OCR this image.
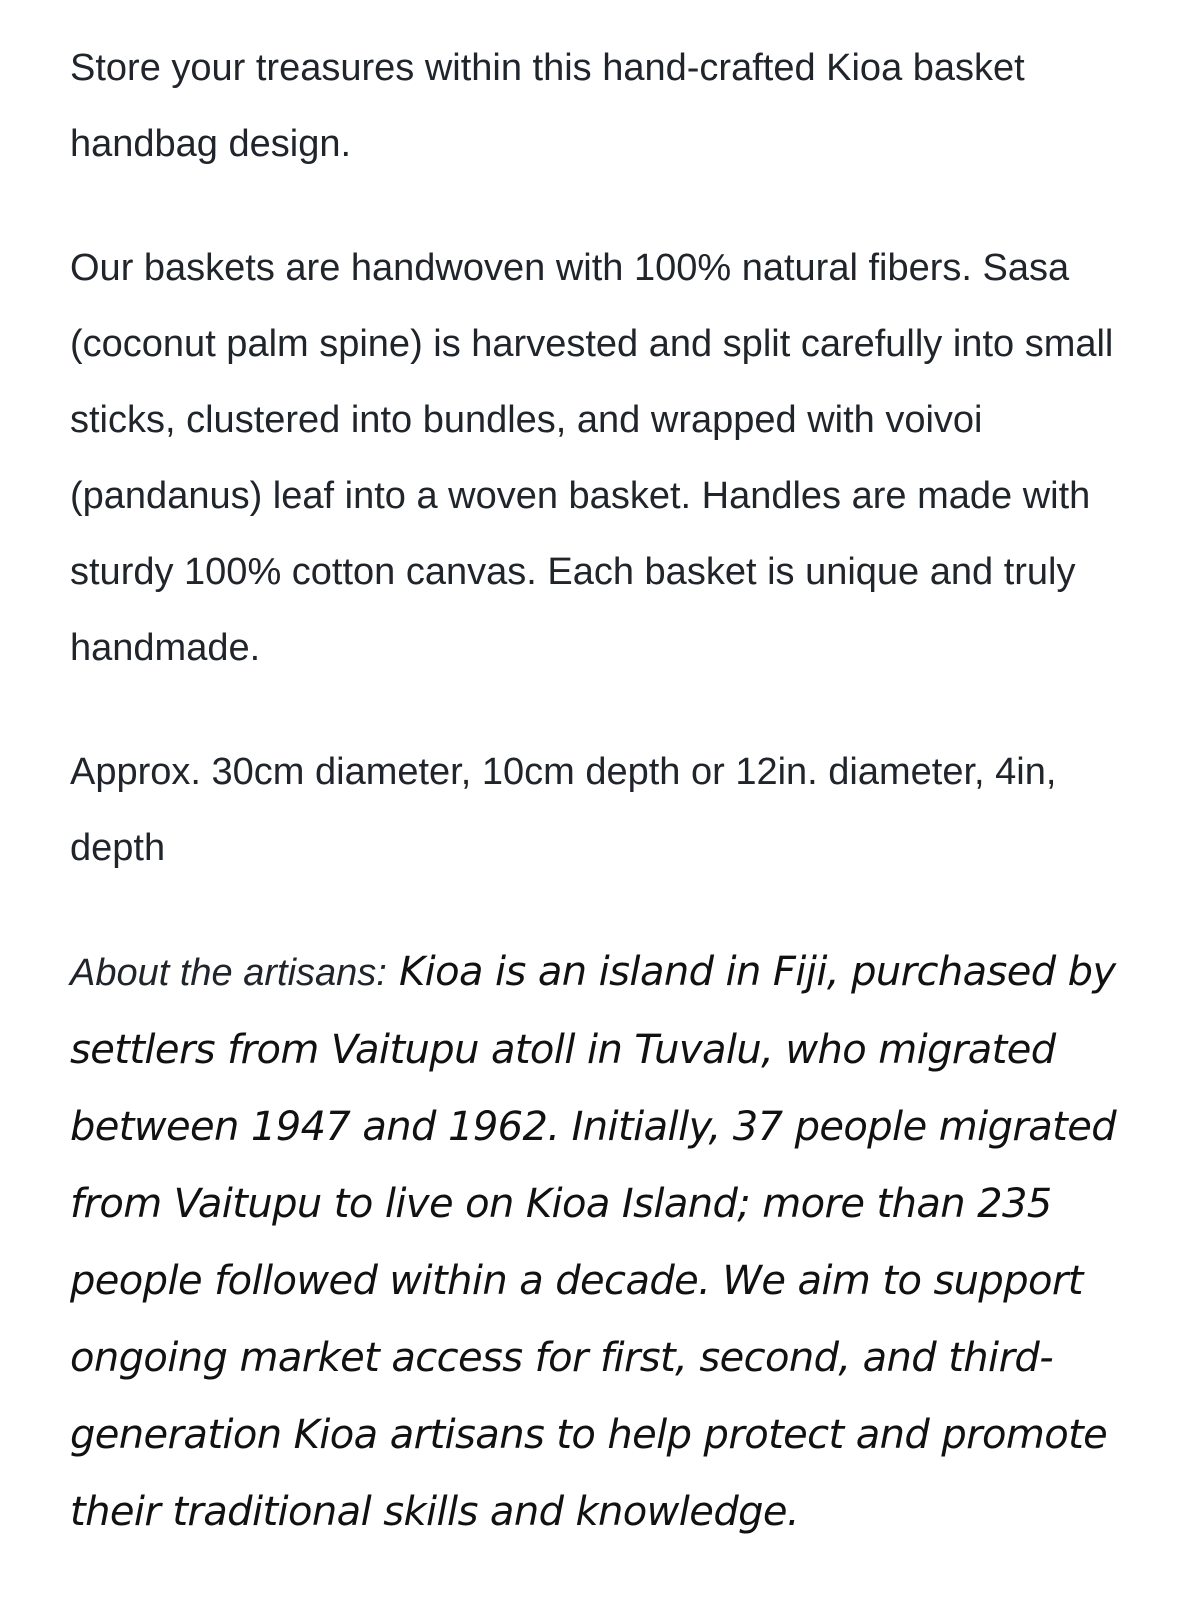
Store your treasures within this hand-crafted Kioa basket handbag design.

Our baskets are handwoven with 100% natural fibers. Sasa (coconut palm spine) is harvested and split carefully into small sticks, clustered into bundles, and wrapped with voivoi (pandanus) leaf into a woven basket. Handles are made with sturdy 100% cotton canvas. Each basket is unique and truly handmade.

Approx. 30cm diameter, 10cm depth or 12in. diameter, 4in, depth

About the artisans: Kioa is an island in Fiji, purchased by settlers from Vaitupu atoll in Tuvalu, who migrated between 1947 and 1962. Initially, 37 people migrated from Vaitupu to live on Kioa Island; more than 235 people followed within a decade. We aim to support ongoing market access for first, second, and third-generation Kioa artisans to help protect and promote their traditional skills and knowledge.
